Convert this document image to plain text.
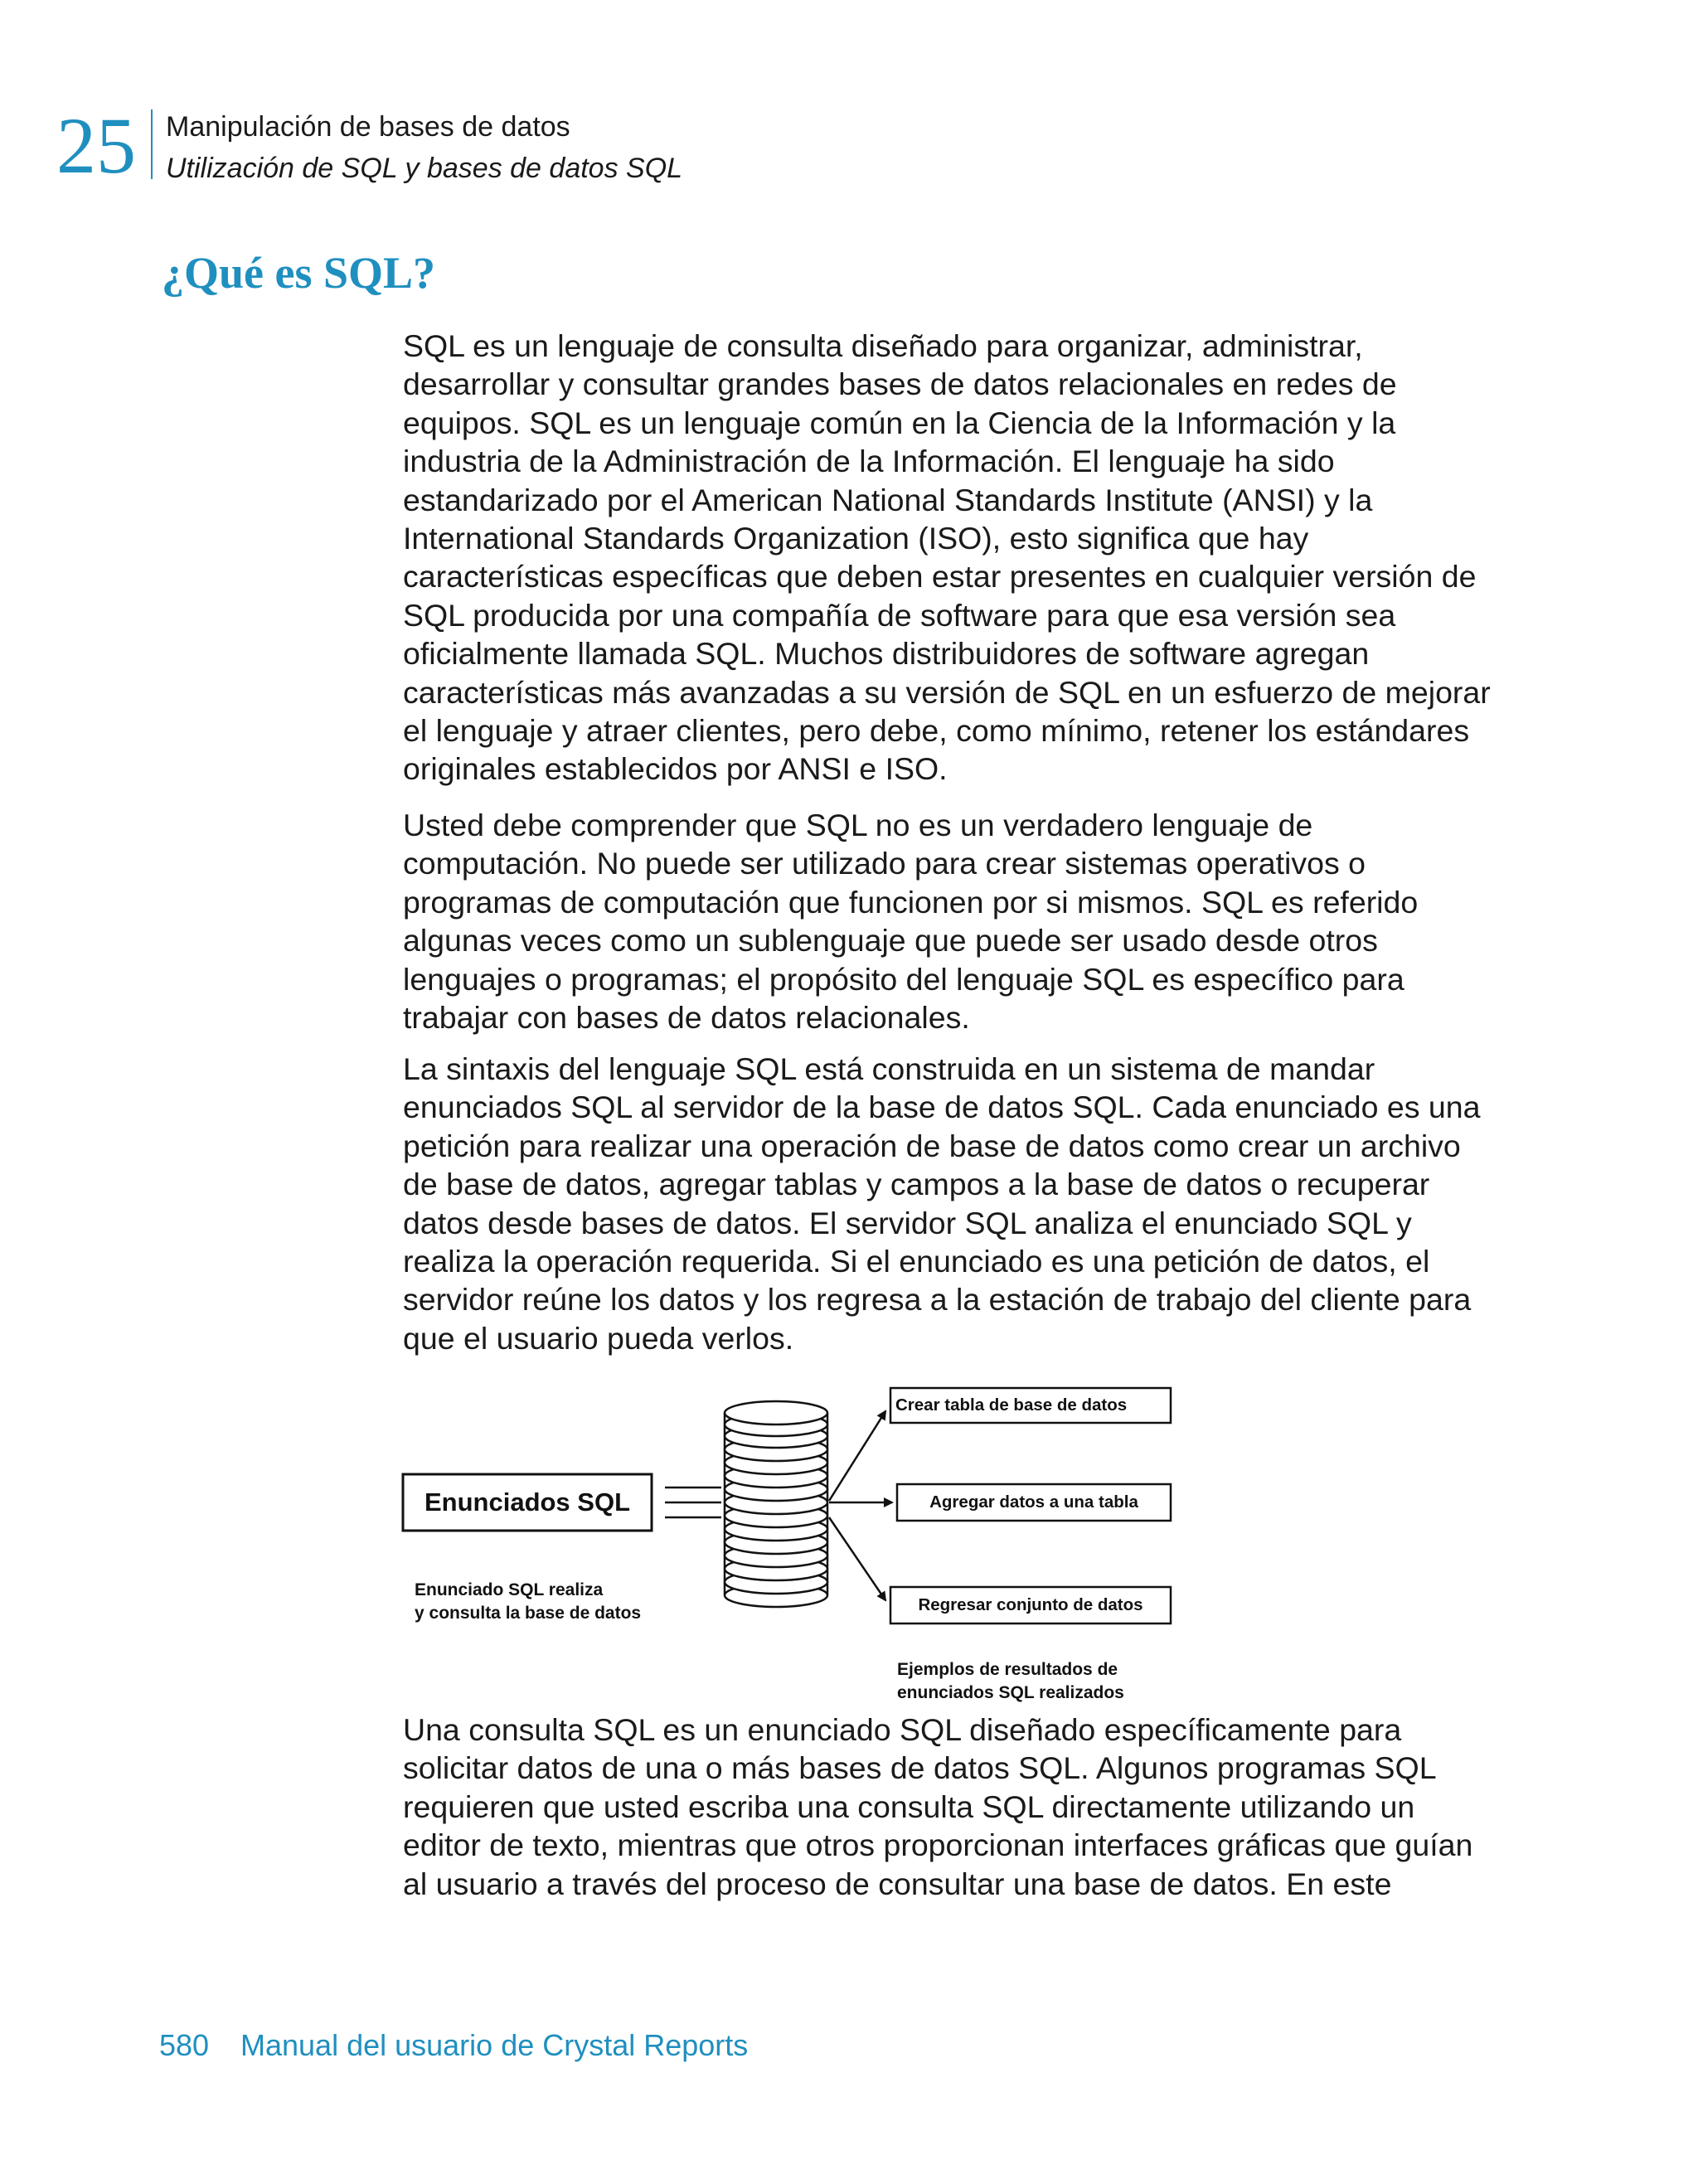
25 Manipulación de bases de datos
Utilización de SQL y bases de datos SQL
¿Qué es SQL?

SQL es un lenguaje de consulta diseñado para organizar, administrar, desarrollar y consultar grandes bases de datos relacionales en redes de equipos. SQL es un lenguaje común en la Ciencia de la Información y la industria de la Administración de la Información. El lenguaje ha sido estandarizado por el American National Standards Institute (ANSI) y la International Standards Organization (ISO), esto significa que hay características específicas que deben estar presentes en cualquier versión de SQL producida por una compañía de software para que esa versión sea oficialmente llamada SQL. Muchos distribuidores de software agregan características más avanzadas a su versión de SQL en un esfuerzo de mejorar el lenguaje y atraer clientes, pero debe, como mínimo, retener los estándares originales establecidos por ANSI e ISO.

Usted debe comprender que SQL no es un verdadero lenguaje de computación. No puede ser utilizado para crear sistemas operativos o programas de computación que funcionen por si mismos. SQL es referido algunas veces como un sublenguaje que puede ser usado desde otros lenguajes o programas; el propósito del lenguaje SQL es específico para trabajar con bases de datos relacionales.

La sintaxis del lenguaje SQL está construida en un sistema de mandar enunciados SQL al servidor de la base de datos SQL. Cada enunciado es una petición para realizar una operación de base de datos como crear un archivo de base de datos, agregar tablas y campos a la base de datos o recuperar datos desde bases de datos. El servidor SQL analiza el enunciado SQL y realiza la operación requerida. Si el enunciado es una petición de datos, el servidor reúne los datos y los regresa a la estación de trabajo del cliente para que el usuario pueda verlos.

Enunciados SQL
Enunciado SQL realiza
y consulta la base de datos
Crear tabla de base de datos
Agregar datos a una tabla
Regresar conjunto de datos
Ejemplos de resultados de
enunciados SQL realizados

Una consulta SQL es un enunciado SQL diseñado específicamente para solicitar datos de una o más bases de datos SQL. Algunos programas SQL requieren que usted escriba una consulta SQL directamente utilizando un editor de texto, mientras que otros proporcionan interfaces gráficas que guían al usuario a través del proceso de consultar una base de datos. En este

580 Manual del usuario de Crystal Reports
